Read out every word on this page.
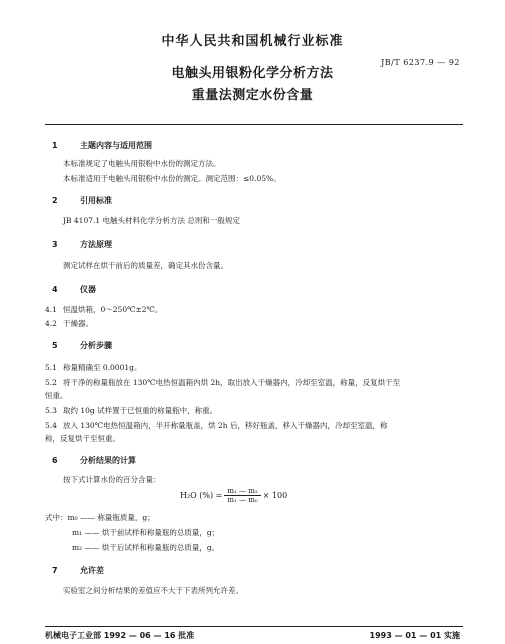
中华人民共和国机械行业标准
JB/T 6237.9 — 92
电触头用银粉化学分析方法
重量法测定水份含量
1	主题内容与适用范围
本标准规定了电触头用银粉中水份的测定方法。
本标准适用于电触头用银粉中水份的测定。测定范围：≤0.05%。
2	引用标准
JB 4107.1 电触头材料化学分析方法 总则和一般规定
3	方法原理
测定试样在烘干前后的质量差，确定其水份含量。
4	仪器
4.1 恒温烘箱，0～250℃±2℃。
4.2 干燥器。
5	分析步骤
5.1 称量精确至 0.0001g。
5.2 将干净的称量瓶放在 130℃电热恒温箱内烘 2h，取出放入干燥器内，冷却至室温，称量，反复烘干至
恒重。
5.3 取约 10g 试样置于已恒重的称量瓶中，称重。
5.4 放入 130℃电热恒温箱内，半开称量瓶盖，烘 2h 后，移好瓶盖，移入干燥器内，冷却至室温，称
称，反复烘干至恒重。
6	分析结果的计算
按下式计算水份的百分含量：
H₂O (%) = $\frac{\text{m₁ — m₂}}{\text{m₁ — m₀}} \times 100$
式中：m₀ —— 称量瓶质量，g；
m₁ —— 烘干前试样和称量瓶的总质量，g；
m₂ —— 烘干后试样和称量瓶的总质量，g。
7	允许差
实验室之间分析结果的差值应不大于下表所列允许差。
机械电子工业部 1992 — 06 — 16 批准	1993 — 01 — 01 实施
